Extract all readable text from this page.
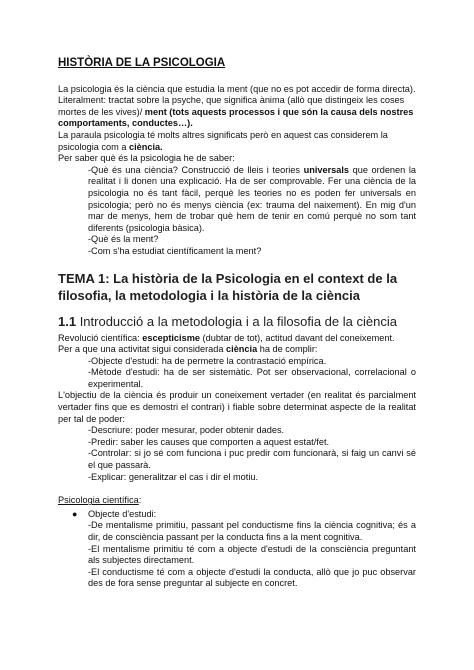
HISTÒRIA DE LA PSICOLOGIA

La psicologia és la ciència que estudia la ment (que no es pot accedir de forma directa).

Literalment: tractat sobre la psyche, que significa ànima (allò que distingeix les coses mortes de les vives)/ ment (tots aquests processos i que són la causa dels nostres comportaments, conductes…).

La paraula psicologia té molts altres significats però en aquest cas considerem la psicologia com a ciència.

Per saber què és la psicologia he de saber:

-Què és una ciència? Construcció de lleis i teories universals que ordenen la realitat i li donen una explicació. Ha de ser comprovable. Fer una ciència de la psicologia no és tant fàcil, perquè les teories no es poden fer universals en psicologia; però no és menys ciència (ex: trauma del naixement). En mig d'un mar de menys, hem de trobar què hem de tenir en comú perquè no som tant diferents (psicologia bàsica).

-Què és la ment?

-Com s'ha estudiat científicament la ment?

TEMA 1: La història de la Psicologia en el context de la filosofia, la metodologia i la història de la ciència
1.1 Introducció a la metodologia i a la filosofia de la ciència

Revolució científica: escepticisme (dubtar de tot), actitud davant del coneixement.

Per a que una activitat sigui considerada ciència ha de complir:

-Objecte d'estudi: ha de permetre la contrastació empírica.

-Mètode d'estudi: ha de ser sistemàtic. Pot ser observacional, correlacional o experimental.

L'objectiu de la ciència és produir un coneixement vertader (en realitat és parcialment vertader fins que es demostri el contrari) i fiable sobre determinat aspecte de la realitat per tal de poder:

-Descriure: poder mesurar, poder obtenir dades.

-Predir: saber les causes que comporten a aquest estat/fet.

-Controlar: si jo sé com funciona i puc predir com funcionarà, si faig un canvi sé el que passarà.

-Explicar: generalitzar el cas i dir el motiu.

Psicologia científica:

●	Objecte d'estudi:

-De mentalisme primitiu, passant pel conductisme fins la ciència cognitiva; és a dir, de consciència passant per la conducta fins a la ment cognitiva.

-El mentalisme primitiu té com a objecte d'estudi de la consciència preguntant als subjectes directament.

-El conductisme té com a objecte d'estudi la conducta, allò que jo puc observar des de fora sense preguntar al subjecte en concret.
